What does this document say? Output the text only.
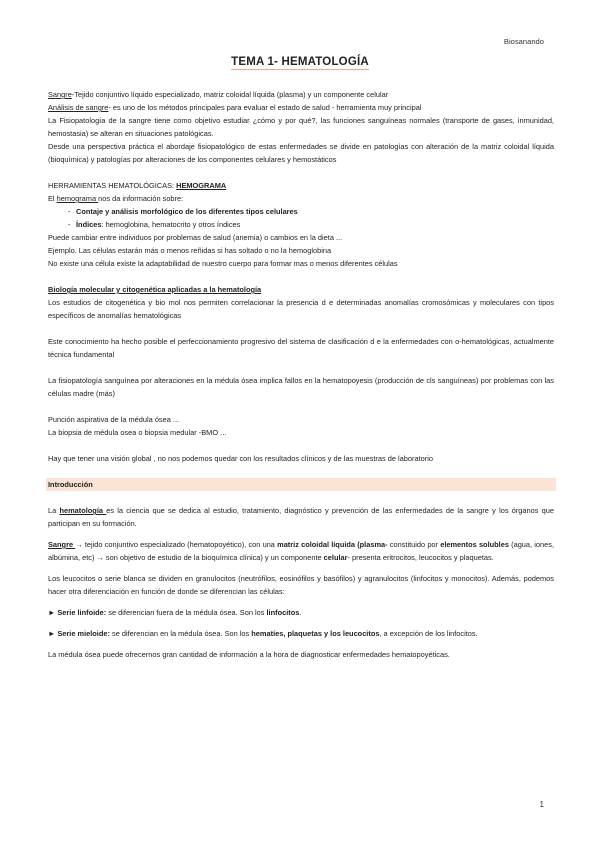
Biosanando
TEMA 1- HEMATOLOGÍA

Sangre-Tejido conjuntivo líquido especializado, matriz coloidal líquida (plasma) y un componente celular

Análisis de sangre- es uno de los métodos principales para evaluar el estado de salud - herramienta muy principal

La Fisiopatología de la sangre tiene como objetivo estudiar ¿cómo y por qué?, las funciones sanguíneas normales (transporte de gases, inmunidad, hemostasia) se alteran en situaciones patológicas.

Desde una perspectiva práctica el abordaje fisiopatológico de estas enfermedades se divide en patologías con alteración de la matriz coloidal líquida (bioquímica) y patologías por alteraciones de los componentes celulares y hemostáticos

HERRAMIENTAS HEMATOLÓGICAS: HEMOGRAMA

El hemograma nos da información sobre:

- Contaje y análisis morfológico de los diferentes tipos celulares
- Índices: hemoglobina, hematocrito y otros índices

Puede cambiar entre individuos por problemas de salud (anemia) o cambios en la dieta ...

Ejemplo. Las células estarán más o menos reñidas si has soltado o no la hemoglobina

No existe una célula existe la adaptabilidad de nuestro cuerpo para formar mas o menos diferentes células

Biología molecular y citogenética aplicadas a la hematología

Los estudios de citogenética y bio mol nos permiten correlacionar la presencia d e determinadas anomalías cromosómicas y moleculares con tipos específicos de anomalías hematológicas

Este conocimiento ha hecho posible el perfeccionamiento progresivo del sistema de clasificación d e la enfermedades con o-hematológicas, actualmente técnica fundamental

La fisiopatología sanguínea por alteraciones en la médula ósea implica fallos en la hematopoyesis (producción de cls sanguíneas) por problemas con las células madre (más)

Punción aspirativa de la médula ósea ...

La biopsia de médula osea o biopsia medular -BMO ...

Hay que tener una visión global , no nos podemos quedar con los resultados clínicos y de las muestras de laboratorio

Introducción

La hematología es la ciencia que se dedica al estudio, tratamiento, diagnóstico y prevención de las enfermedades de la sangre y los órganos que participan en su formación.

Sangre → tejido conjuntivo especializado (hematopoyético), con una matriz coloidal líquida (plasma- constituido por elementos solubles (agua, iones, albúmina, etc) → son objetivo de estudio de la bioquímica clínica) y un componente celular- presenta eritrocitos, leucocitos y plaquetas.

Los leucocitos o serie blanca se dividen en granulocitos (neutrófilos, eosinófilos y basófilos) y agranulocitos (linfocitos y monocitos). Además, podemos hacer otra diferenciación en función de donde se diferencian las células:

► Serie linfoide: se diferencian fuera de la médula ósea. Son los linfocitos.

► Serie mieloide: se diferencian en la médula ósea. Son los hematíes, plaquetas y los leucocitos, a excepción de los linfocitos.

La médula ósea puede ofrecernos gran cantidad de información a la hora de diagnosticar enfermedades hematopoyéticas.

1
